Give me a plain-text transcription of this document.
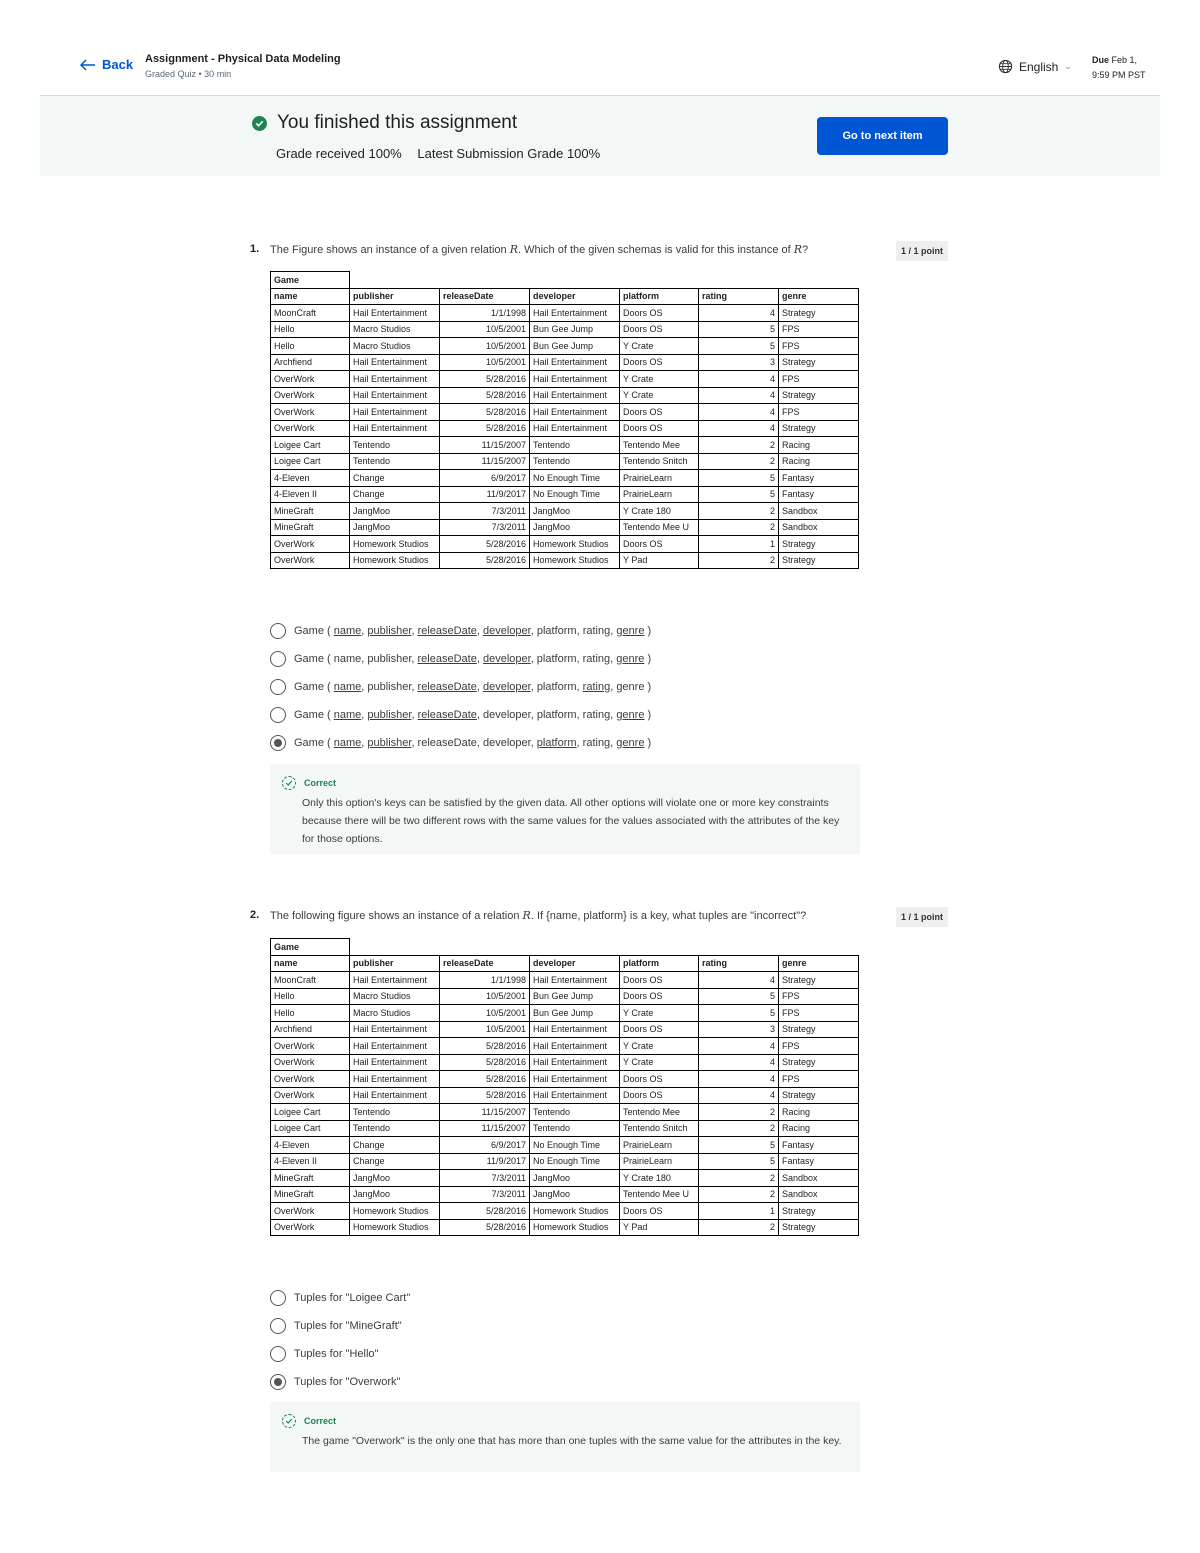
Back Assignment - Physical Data Modeling
Graded Quiz • 30 min
English ⌄
Due Feb 1,
9:59 PM PST
You finished this assignment
Grade received 100% Latest Submission Grade 100%
Go to next item
1. The Figure shows an instance of a given relation R. Which of the given schemas is valid for this instance of R?	1 / 1 point
Game						
name	publisher	releaseDate	developer	platform	rating	genre
MoonCraft	Hail Entertainment	1/1/1998	Hail Entertainment	Doors OS	4	Strategy
Hello	Macro Studios	10/5/2001	Bun Gee Jump	Doors OS	5	FPS
Hello	Macro Studios	10/5/2001	Bun Gee Jump	Y Crate	5	FPS
Archfiend	Hail Entertainment	10/5/2001	Hail Entertainment	Doors OS	3	Strategy
OverWork	Hail Entertainment	5/28/2016	Hail Entertainment	Y Crate	4	FPS
OverWork	Hail Entertainment	5/28/2016	Hail Entertainment	Y Crate	4	Strategy
OverWork	Hail Entertainment	5/28/2016	Hail Entertainment	Doors OS	4	FPS
OverWork	Hail Entertainment	5/28/2016	Hail Entertainment	Doors OS	4	Strategy
Loigee Cart	Tentendo	11/15/2007	Tentendo	Tentendo Mee	2	Racing
Loigee Cart	Tentendo	11/15/2007	Tentendo	Tentendo Snitch	2	Racing
4-Eleven	Change	6/9/2017	No Enough Time	PrairieLearn	5	Fantasy
4-Eleven II	Change	11/9/2017	No Enough Time	PrairieLearn	5	Fantasy
MineGraft	JangMoo	7/3/2011	JangMoo	Y Crate 180	2	Sandbox
MineGraft	JangMoo	7/3/2011	JangMoo	Tentendo Mee U	2	Sandbox
OverWork	Homework Studios	5/28/2016	Homework Studios	Doors OS	1	Strategy
OverWork	Homework Studios	5/28/2016	Homework Studios	Y Pad	2	Strategy
Game ( name, publisher, releaseDate, developer, platform, rating, genre )
Game ( name, publisher, releaseDate, developer, platform, rating, genre )
Game ( name, publisher, releaseDate, developer, platform, rating, genre )
Game ( name, publisher, releaseDate, developer, platform, rating, genre )
Game ( name, publisher, releaseDate, developer, platform, rating, genre )
Correct
Only this option's keys can be satisfied by the given data. All other options will violate one or more key constraints because there will be two different rows with the same values for the values associated with the attributes of the key for those options.
2. The following figure shows an instance of a relation R. If {name, platform} is a key, what tuples are "incorrect"?	1 / 1 point
Game						
name	publisher	releaseDate	developer	platform	rating	genre
MoonCraft	Hail Entertainment	1/1/1998	Hail Entertainment	Doors OS	4	Strategy
Hello	Macro Studios	10/5/2001	Bun Gee Jump	Doors OS	5	FPS
Hello	Macro Studios	10/5/2001	Bun Gee Jump	Y Crate	5	FPS
Archfiend	Hail Entertainment	10/5/2001	Hail Entertainment	Doors OS	3	Strategy
OverWork	Hail Entertainment	5/28/2016	Hail Entertainment	Y Crate	4	FPS
OverWork	Hail Entertainment	5/28/2016	Hail Entertainment	Y Crate	4	Strategy
OverWork	Hail Entertainment	5/28/2016	Hail Entertainment	Doors OS	4	FPS
OverWork	Hail Entertainment	5/28/2016	Hail Entertainment	Doors OS	4	Strategy
Loigee Cart	Tentendo	11/15/2007	Tentendo	Tentendo Mee	2	Racing
Loigee Cart	Tentendo	11/15/2007	Tentendo	Tentendo Snitch	2	Racing
4-Eleven	Change	6/9/2017	No Enough Time	PrairieLearn	5	Fantasy
4-Eleven II	Change	11/9/2017	No Enough Time	PrairieLearn	5	Fantasy
MineGraft	JangMoo	7/3/2011	JangMoo	Y Crate 180	2	Sandbox
MineGraft	JangMoo	7/3/2011	JangMoo	Tentendo Mee U	2	Sandbox
OverWork	Homework Studios	5/28/2016	Homework Studios	Doors OS	1	Strategy
OverWork	Homework Studios	5/28/2016	Homework Studios	Y Pad	2	Strategy
Tuples for "Loigee Cart"
Tuples for "MineGraft"
Tuples for "Hello"
Tuples for "Overwork"
Correct
The game "Overwork" is the only one that has more than one tuples with the same value for the attributes in the key.
